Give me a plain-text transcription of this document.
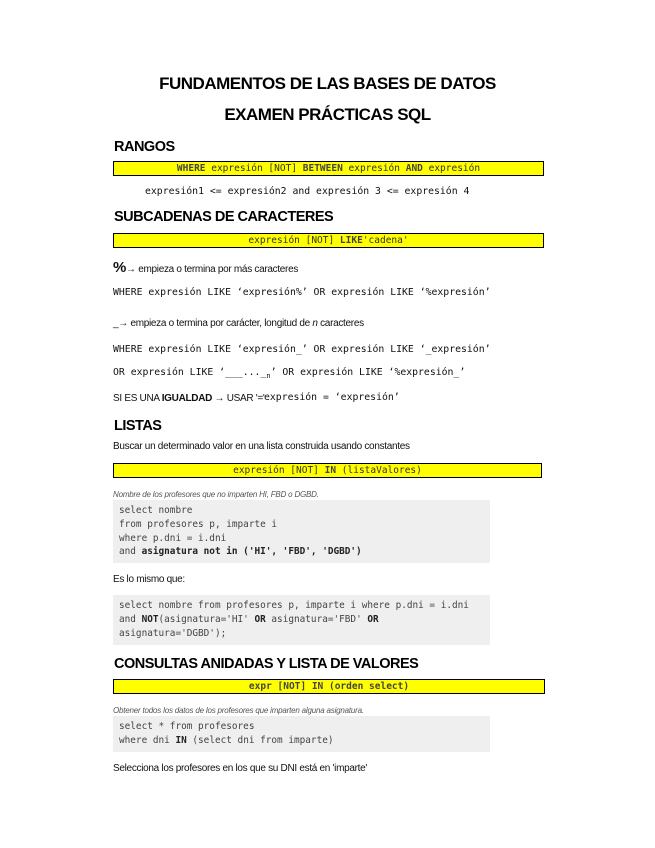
FUNDAMENTOS DE LAS BASES DE DATOS
EXAMEN PRÁCTICAS SQL
RANGOS
WHERE expresión [NOT] BETWEEN expresión AND expresión
expresión1 <= expresión2 and expresión 3 <= expresión 4
SUBCADENAS DE CARACTERES
expresión [NOT] LIKE'cadena'
%→ empieza o termina por más caracteres
WHERE expresión LIKE ‘expresión%’ OR expresión LIKE ‘%expresión’
_→ empieza o termina por carácter, longitud de n caracteres
WHERE expresión LIKE ‘expresión_’ OR expresión LIKE ‘_expresión’
OR expresión LIKE ‘$\_\_\_...\__n$’ OR expresión LIKE ‘%expresión_’
SI ES UNA IGUALDAD → USAR '=' expresión = ‘expresión’
LISTAS
Buscar un determinado valor en una lista construida usando constantes
expresión [NOT] IN (listaValores)
Nombre de los profesores que no imparten HI, FBD o DGBD.
select nombre
from profesores p, imparte i
where p.dni = i.dni
and asignatura not in ('HI', 'FBD', 'DGBD')
Es lo mismo que:
select nombre from profesores p, imparte i where p.dni = i.dni
and NOT(asignatura='HI' OR asignatura='FBD' OR
asignatura='DGBD');
CONSULTAS ANIDADAS Y LISTA DE VALORES
expr [NOT] IN (orden select)
Obtener todos los datos de los profesores que imparten alguna asignatura.
select * from profesores
where dni IN (select dni from imparte)
Selecciona los profesores en los que su DNI está en 'imparte'
